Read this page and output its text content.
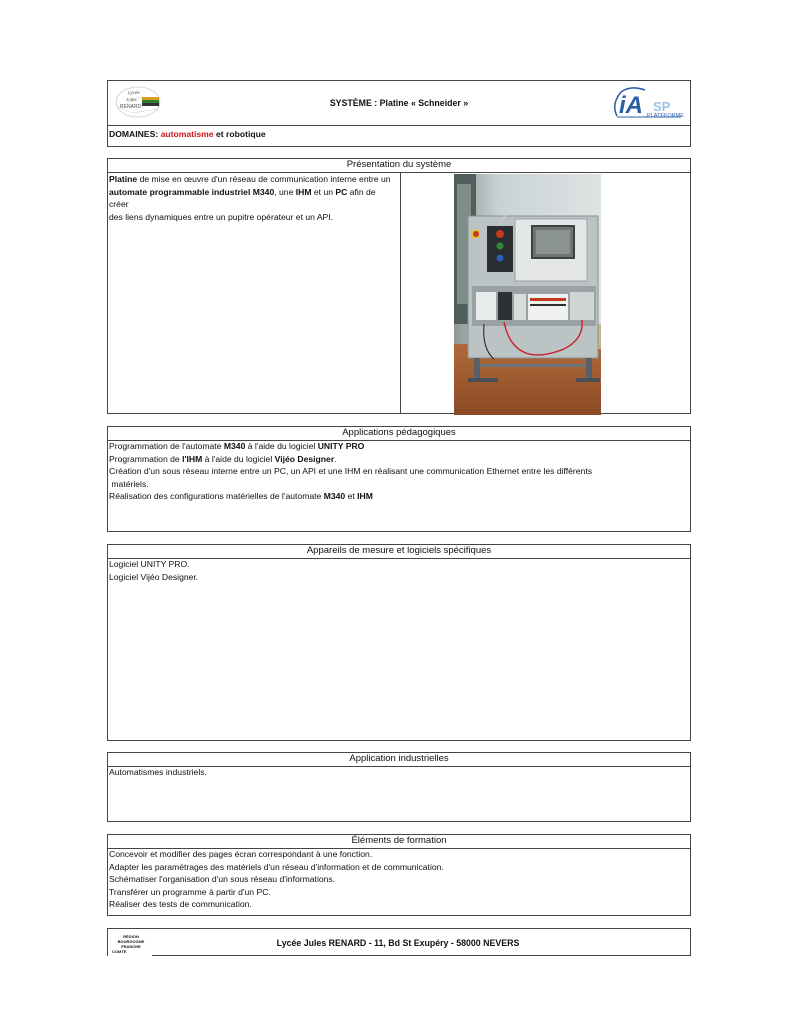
Lycée
Jules
RENARD	SYSTÈME : Platine « Schneider »	iA SP
PLATEFORME
DOMAINES: automatisme et robotique
Présentation du système
Platine de mise en œuvre d'un réseau de communication interne entre un
automate programmable industriel M340, une IHM et un PC afin de créer
des liens dynamiques entre un pupitre opérateur et un API.
Applications pédagogiques
Programmation de l'automate M340 à l'aide du logiciel UNITY PRO
Programmation de l'IHM à l'aide du logiciel Vijéo Designer.
Création d'un sous réseau interne entre un PC, un API et une IHM en réalisant une communication Ethernet entre les différents
matériels.
Réalisation des configurations matérielles de l'automate M340 et IHM
Appareils de mesure et logiciels spécifiques
Logiciel UNITY PRO.
Logiciel Vijéo Designer.
Application industrielles
Automatismes industriels.
Éléments de formation
Concevoir et modifier des pages écran correspondant à une fonction.
Adapter les paramétrages des matériels d'un réseau d'information et de communication.
Schématiser l'organisation d'un sous réseau d'informations.
Transférer un programme à partir d'un PC.
Réaliser des tests de communication.
RÉGION
BOURGOGNE
FRANCHE
COMTE
Lycée Jules RENARD - 11, Bd St Exupéry - 58000 NEVERS
